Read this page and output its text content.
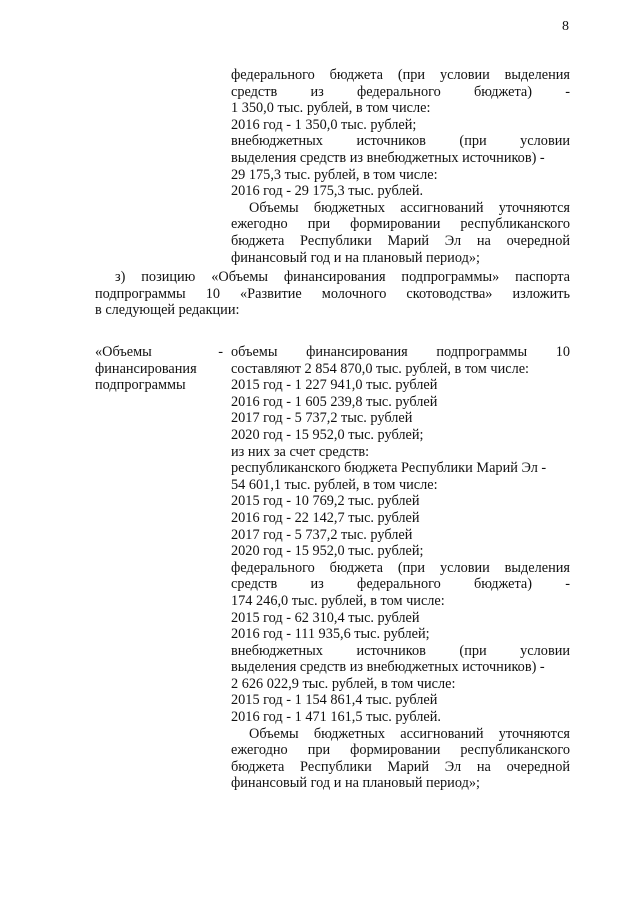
8
федерального бюджета (при условии выделения
средств из федерального бюджета) -
1 350,0 тыс. рублей, в том числе:
2016 год - 1 350,0 тыс. рублей;
внебюджетных источников (при условии
выделения средств из внебюджетных источников) -
29 175,3 тыс. рублей, в том числе:
2016 год - 29 175,3 тыс. рублей.
Объемы бюджетных ассигнований уточняются
ежегодно при формировании республиканского
бюджета Республики Марий Эл на очередной
финансовый год и на плановый период»;
з) позицию «Объемы финансирования подпрограммы» паспорта
подпрограммы 10 «Развитие молочного скотоводства» изложить
в следующей редакции:
«Объемы -
финансирования
подпрограммы
объемы финансирования подпрограммы 10
составляют 2 854 870,0 тыс. рублей, в том числе:
2015 год - 1 227 941,0 тыс. рублей
2016 год - 1 605 239,8 тыс. рублей
2017 год - 5 737,2 тыс. рублей
2020 год - 15 952,0 тыс. рублей;
из них за счет средств:
республиканского бюджета Республики Марий Эл -
54 601,1 тыс. рублей, в том числе:
2015 год - 10 769,2 тыс. рублей
2016 год - 22 142,7 тыс. рублей
2017 год - 5 737,2 тыс. рублей
2020 год - 15 952,0 тыс. рублей;
федерального бюджета (при условии выделения
средств из федерального бюджета) -
174 246,0 тыс. рублей, в том числе:
2015 год - 62 310,4 тыс. рублей
2016 год - 111 935,6 тыс. рублей;
внебюджетных источников (при условии
выделения средств из внебюджетных источников) -
2 626 022,9 тыс. рублей, в том числе:
2015 год - 1 154 861,4 тыс. рублей
2016 год - 1 471 161,5 тыс. рублей.
Объемы бюджетных ассигнований уточняются
ежегодно при формировании республиканского
бюджета Республики Марий Эл на очередной
финансовый год и на плановый период»;
